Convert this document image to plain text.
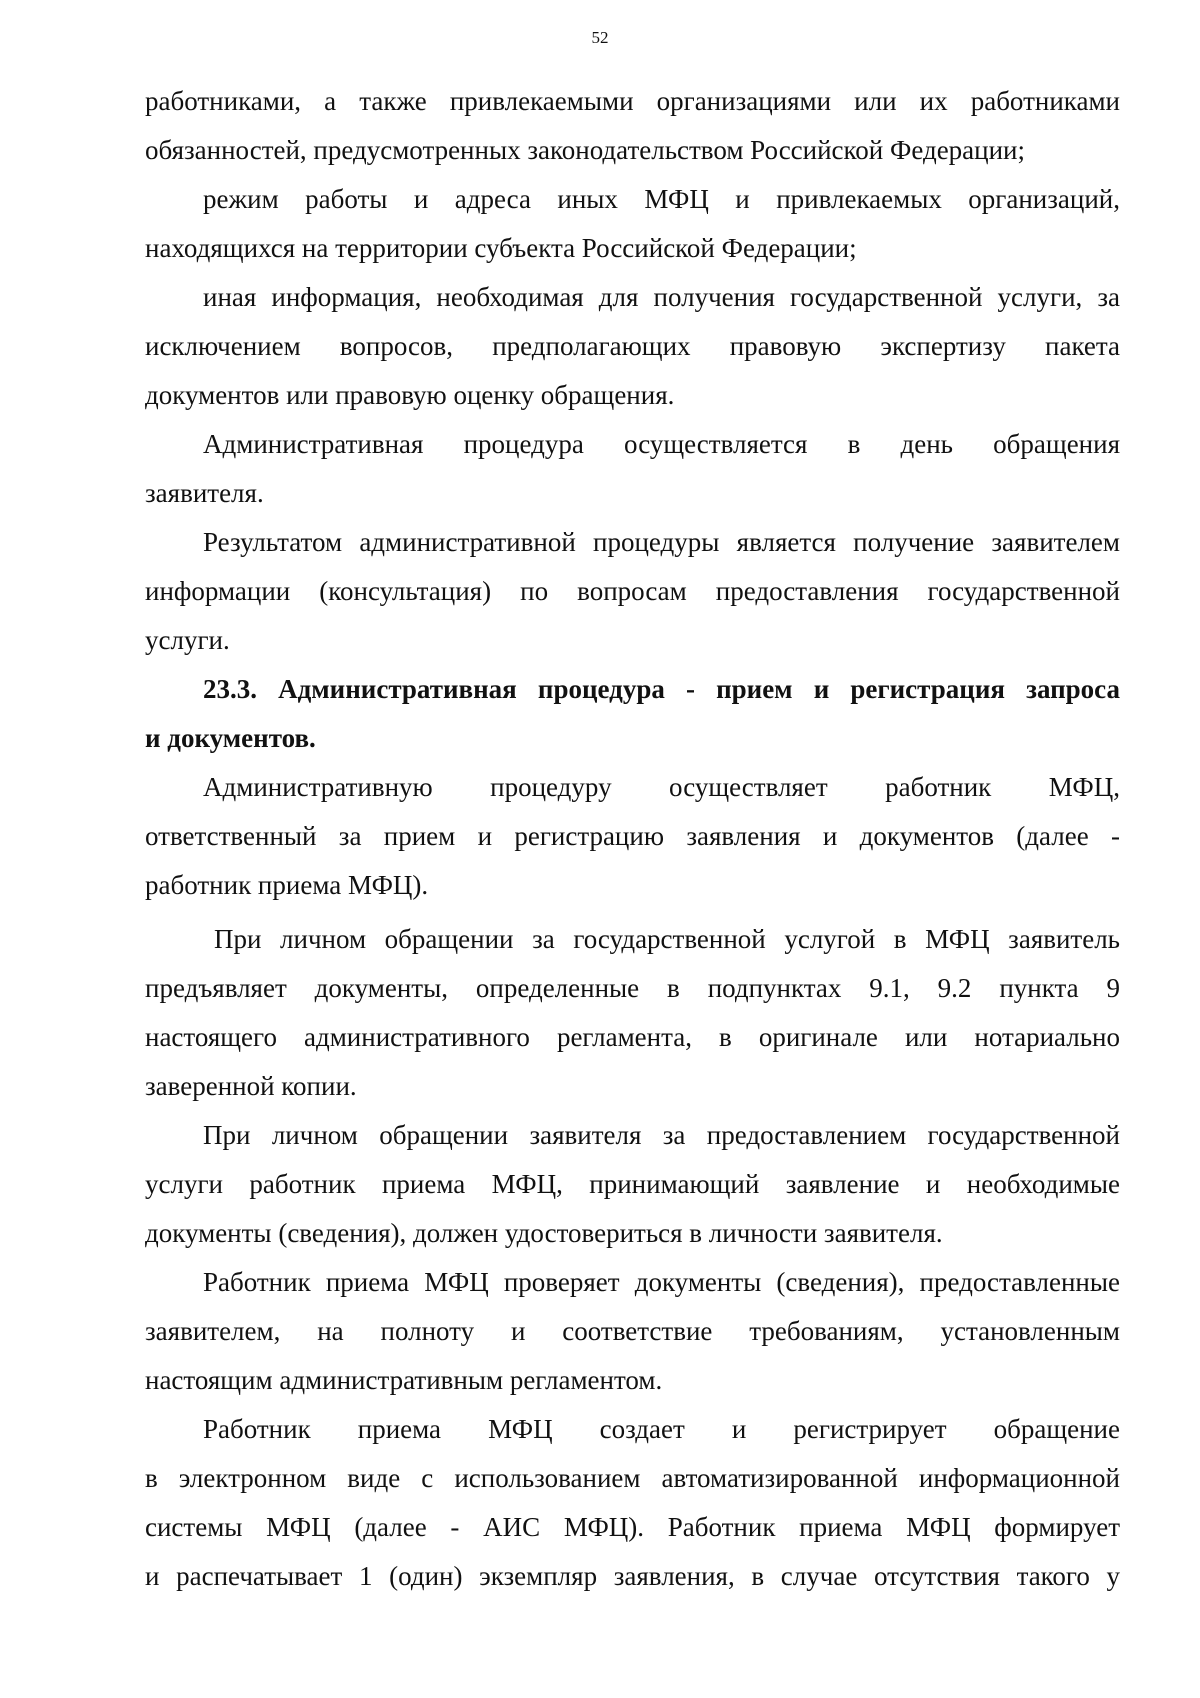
52
работниками, а также привлекаемыми организациями или их работниками
обязанностей, предусмотренных законодательством Российской Федерации;
режим работы и адреса иных МФЦ и привлекаемых организаций,
находящихся на территории субъекта Российской Федерации;
иная информация, необходимая для получения государственной услуги, за
исключением вопросов, предполагающих правовую экспертизу пакета
документов или правовую оценку обращения.
Административная процедура осуществляется в день обращения
заявителя.
Результатом административной процедуры является получение заявителем
информации (консультация) по вопросам предоставления государственной
услуги.
23.3. Административная процедура - прием и регистрация запроса
и документов.
Административную процедуру осуществляет работник МФЦ,
ответственный за прием и регистрацию заявления и документов (далее -
работник приема МФЦ).
При личном обращении за государственной услугой в МФЦ заявитель
предъявляет документы, определенные в подпунктах 9.1, 9.2 пункта 9
настоящего административного регламента, в оригинале или нотариально
заверенной копии.
При личном обращении заявителя за предоставлением государственной
услуги работник приема МФЦ, принимающий заявление и необходимые
документы (сведения), должен удостовериться в личности заявителя.
Работник приема МФЦ проверяет документы (сведения), предоставленные
заявителем, на полноту и соответствие требованиям, установленным
настоящим административным регламентом.
Работник приема МФЦ создает и регистрирует обращение
в электронном виде с использованием автоматизированной информационной
системы МФЦ (далее - АИС МФЦ). Работник приема МФЦ формирует
и распечатывает 1 (один) экземпляр заявления, в случае отсутствия такого у
